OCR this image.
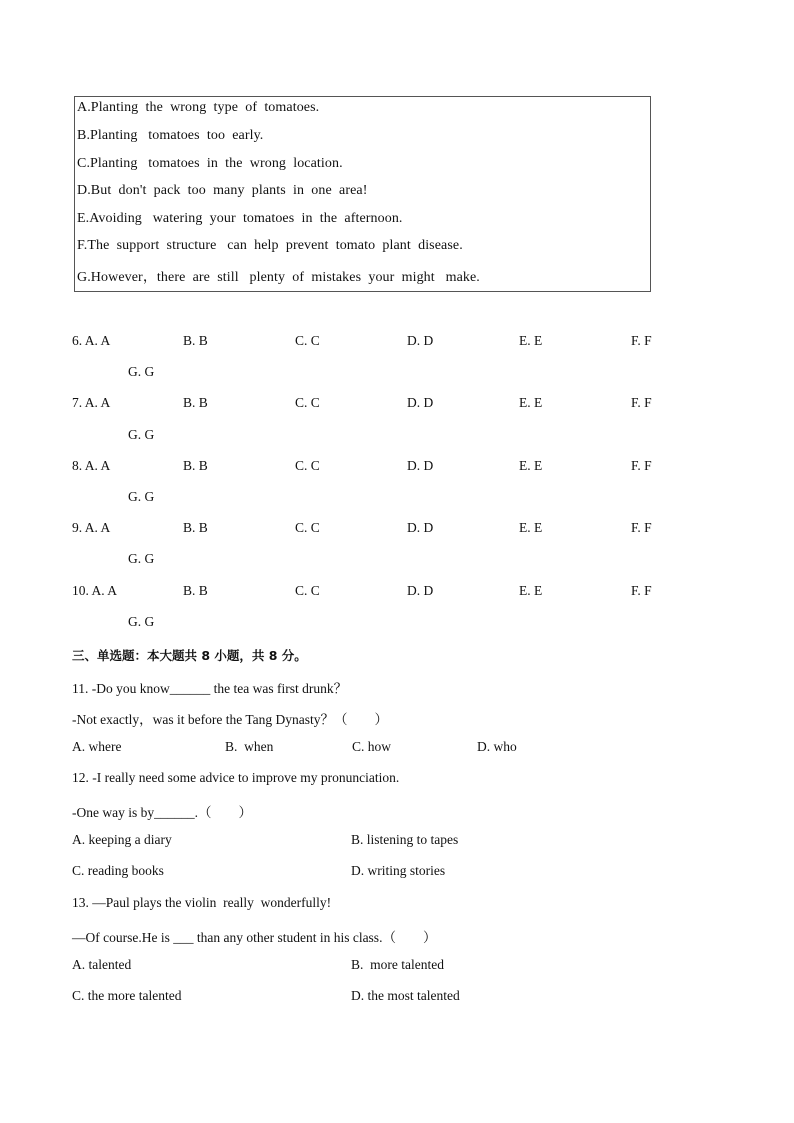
A.Planting  the  wrong  type  of  tomatoes.
B.Planting   tomatoes  too  early.
C.Planting   tomatoes  in  the  wrong  location.
D.But  don't  pack  too  many  plants  in  one  area!
E.Avoiding   watering  your  tomatoes  in  the  afternoon.
F.The  support  structure   can  help  prevent  tomato  plant  disease.
G.However，there  are  still   plenty  of  mistakes  your  might   make.
6. A. A	B. B	C. C	D. D	E. E	F. F
G. G
7. A. A	B. B	C. C	D. D	E. E	F. F
G. G
8. A. A	B. B	C. C	D. D	E. E	F. F
G. G
9. A. A	B. B	C. C	D. D	E. E	F. F
G. G
10. A. A	B. B	C. C	D. D	E. E	F. F
G. G
三、单选题：本大题共 8 小题，共 8 分。
11. -Do you know______ the tea was first drunk？
-Not exactly，was it before the Tang Dynasty？（        ）
A. where	B.  when	C. how	D. who
12. -I really need some advice to improve my pronunciation.
-One way is by______.（        ）
A. keeping a diary	B. listening to tapes
C. reading books	D. writing stories
13. —Paul plays the violin  really  wonderfully!
—Of course.He is ___ than any other student in his class.（        ）
A. talented	B.  more talented
C. the more talented	D. the most talented
